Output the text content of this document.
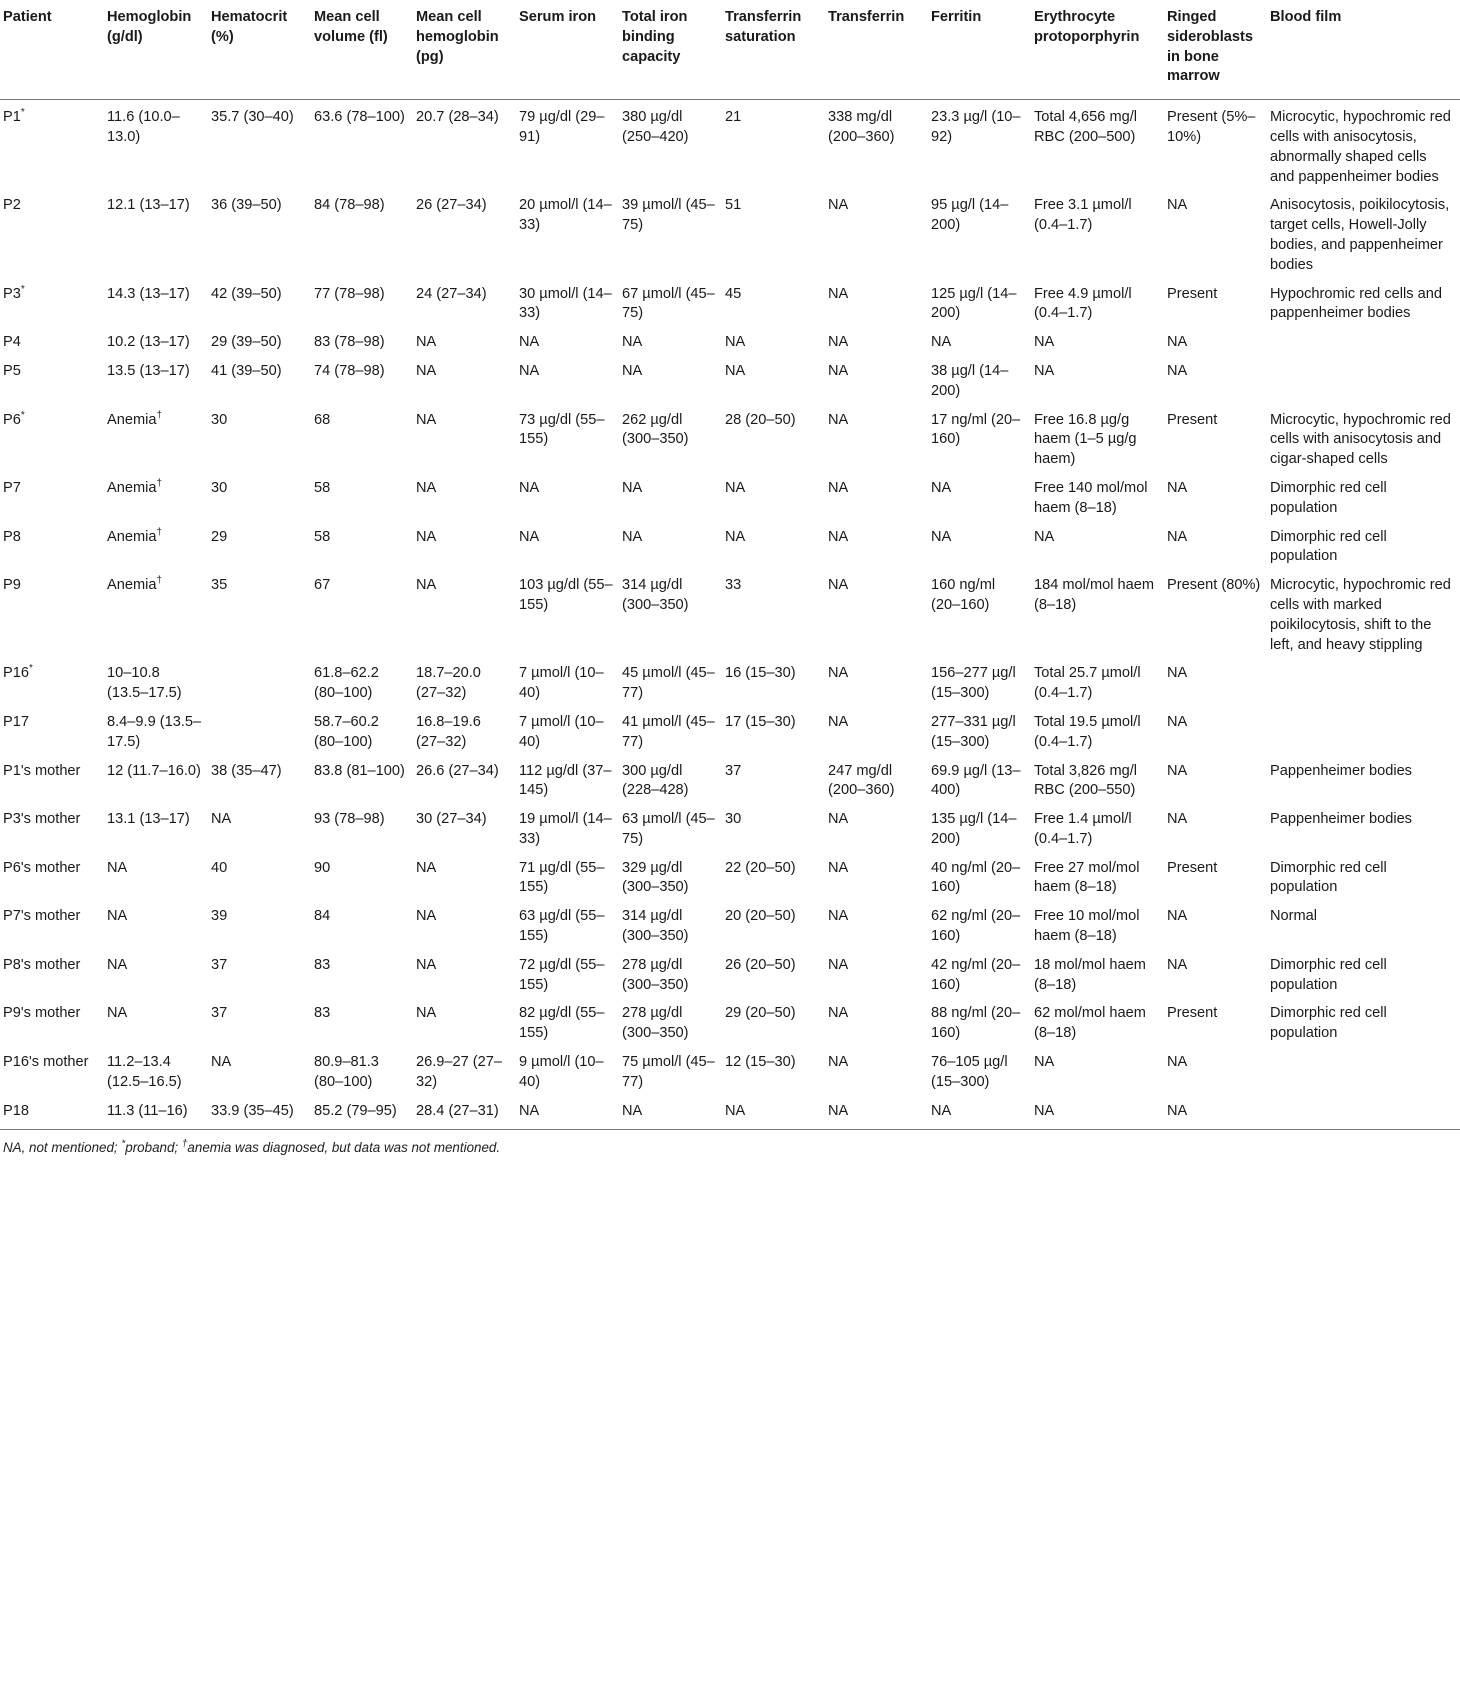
Patient	Hemoglobin (g/dl)	Hematocrit (%)	Mean cell volume (fl)	Mean cell hemoglobin (pg)	Serum iron	Total iron binding capacity	Transferrin saturation	Transferrin	Ferritin	Erythrocyte protoporphyrin	Ringed sideroblasts in bone marrow	Blood film
P1*	11.6 (10.0–13.0)	35.7 (30–40)	63.6 (78–100)	20.7 (28–34)	79 µg/dl (29–91)	380 µg/dl (250–420)	21	338 mg/dl (200–360)	23.3 µg/l (10–92)	Total 4,656 mg/l RBC (200–500)	Present (5%–10%)	Microcytic, hypochromic red cells with anisocytosis, abnormally shaped cells and pappenheimer bodies
P2	12.1 (13–17)	36 (39–50)	84 (78–98)	26 (27–34)	20 µmol/l (14–33)	39 µmol/l (45–75)	51	NA	95 µg/l (14–200)	Free 3.1 µmol/l (0.4–1.7)	NA	Anisocytosis, poikilocytosis, target cells, Howell-Jolly bodies, and pappenheimer bodies
P3*	14.3 (13–17)	42 (39–50)	77 (78–98)	24 (27–34)	30 µmol/l (14–33)	67 µmol/l (45–75)	45	NA	125 µg/l (14–200)	Free 4.9 µmol/l (0.4–1.7)	Present	Hypochromic red cells and pappenheimer bodies
P4	10.2 (13–17)	29 (39–50)	83 (78–98)	NA	NA	NA	NA	NA	NA	NA	NA	
P5	13.5 (13–17)	41 (39–50)	74 (78–98)	NA	NA	NA	NA	NA	38 µg/l (14–200)	NA	NA	
P6*	Anemia†	30	68	NA	73 µg/dl (55–155)	262 µg/dl (300–350)	28 (20–50)	NA	17 ng/ml (20–160)	Free 16.8 µg/g haem (1–5 µg/g haem)	Present	Microcytic, hypochromic red cells with anisocytosis and cigar-shaped cells
P7	Anemia†	30	58	NA	NA	NA	NA	NA	NA	Free 140 mol/mol haem (8–18)	NA	Dimorphic red cell population
P8	Anemia†	29	58	NA	NA	NA	NA	NA	NA	NA	NA	Dimorphic red cell population
P9	Anemia†	35	67	NA	103 µg/dl (55–155)	314 µg/dl (300–350)	33	NA	160 ng/ml (20–160)	184 mol/mol haem (8–18)	Present (80%)	Microcytic, hypochromic red cells with marked poikilocytosis, shift to the left, and heavy stippling
P16*	10–10.8 (13.5–17.5)		61.8–62.2 (80–100)	18.7–20.0 (27–32)	7 µmol/l (10–40)	45 µmol/l (45–77)	16 (15–30)	NA	156–277 µg/l (15–300)	Total 25.7 µmol/l (0.4–1.7)	NA	
P17	8.4–9.9 (13.5–17.5)		58.7–60.2 (80–100)	16.8–19.6 (27–32)	7 µmol/l (10–40)	41 µmol/l (45–77)	17 (15–30)	NA	277–331 µg/l (15–300)	Total 19.5 µmol/l (0.4–1.7)	NA	
P1's mother	12 (11.7–16.0)	38 (35–47)	83.8 (81–100)	26.6 (27–34)	112 µg/dl (37–145)	300 µg/dl (228–428)	37	247 mg/dl (200–360)	69.9 µg/l (13–400)	Total 3,826 mg/l RBC (200–550)	NA	Pappenheimer bodies
P3's mother	13.1 (13–17)	NA	93 (78–98)	30 (27–34)	19 µmol/l (14–33)	63 µmol/l (45–75)	30	NA	135 µg/l (14–200)	Free 1.4 µmol/l (0.4–1.7)	NA	Pappenheimer bodies
P6's mother	NA	40	90	NA	71 µg/dl (55–155)	329 µg/dl (300–350)	22 (20–50)	NA	40 ng/ml (20–160)	Free 27 mol/mol haem (8–18)	Present	Dimorphic red cell population
P7's mother	NA	39	84	NA	63 µg/dl (55–155)	314 µg/dl (300–350)	20 (20–50)	NA	62 ng/ml (20–160)	Free 10 mol/mol haem (8–18)	NA	Normal
P8's mother	NA	37	83	NA	72 µg/dl (55–155)	278 µg/dl (300–350)	26 (20–50)	NA	42 ng/ml (20–160)	18 mol/mol haem (8–18)	NA	Dimorphic red cell population
P9's mother	NA	37	83	NA	82 µg/dl (55–155)	278 µg/dl (300–350)	29 (20–50)	NA	88 ng/ml (20–160)	62 mol/mol haem (8–18)	Present	Dimorphic red cell population
P16's mother	11.2–13.4 (12.5–16.5)	NA	80.9–81.3 (80–100)	26.9–27 (27–32)	9 µmol/l (10–40)	75 µmol/l (45–77)	12 (15–30)	NA	76–105 µg/l (15–300)	NA	NA	
P18	11.3 (11–16)	33.9 (35–45)	85.2 (79–95)	28.4 (27–31)	NA	NA	NA	NA	NA	NA	NA	
NA, not mentioned; *proband; †anemia was diagnosed, but data was not mentioned.
